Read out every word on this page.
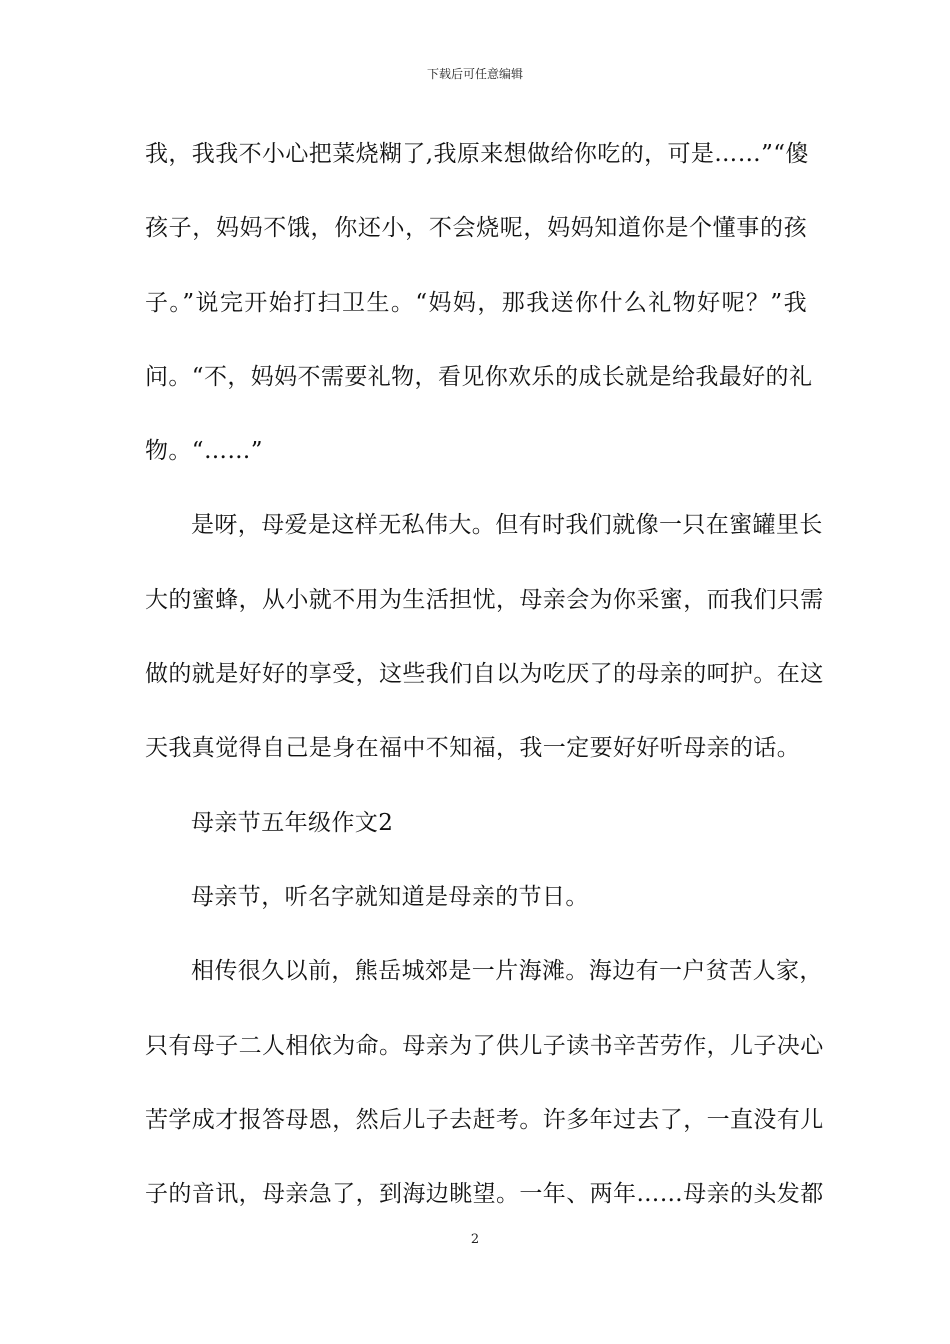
下载后可任意编辑
我，我我不小心把菜烧糊了,我原来想做给你吃的，可是……”“傻
孩子，妈妈不饿，你还小，不会烧呢，妈妈知道你是个懂事的孩
子。”说完开始打扫卫生。“妈妈，那我送你什么礼物好呢？”我
问。“不，妈妈不需要礼物，看见你欢乐的成长就是给我最好的礼
物。“……”
是呀，母爱是这样无私伟大。但有时我们就像一只在蜜罐里长
大的蜜蜂，从小就不用为生活担忧，母亲会为你采蜜，而我们只需
做的就是好好的享受，这些我们自以为吃厌了的母亲的呵护。在这
天我真觉得自己是身在福中不知福，我一定要好好听母亲的话。
母亲节五年级作文2
母亲节，听名字就知道是母亲的节日。
相传很久以前，熊岳城郊是一片海滩。海边有一户贫苦人家，
只有母子二人相依为命。母亲为了供儿子读书辛苦劳作，儿子决心
苦学成才报答母恩，然后儿子去赶考。许多年过去了，一直没有儿
子的音讯，母亲急了，到海边眺望。一年、两年……母亲的头发都
2
